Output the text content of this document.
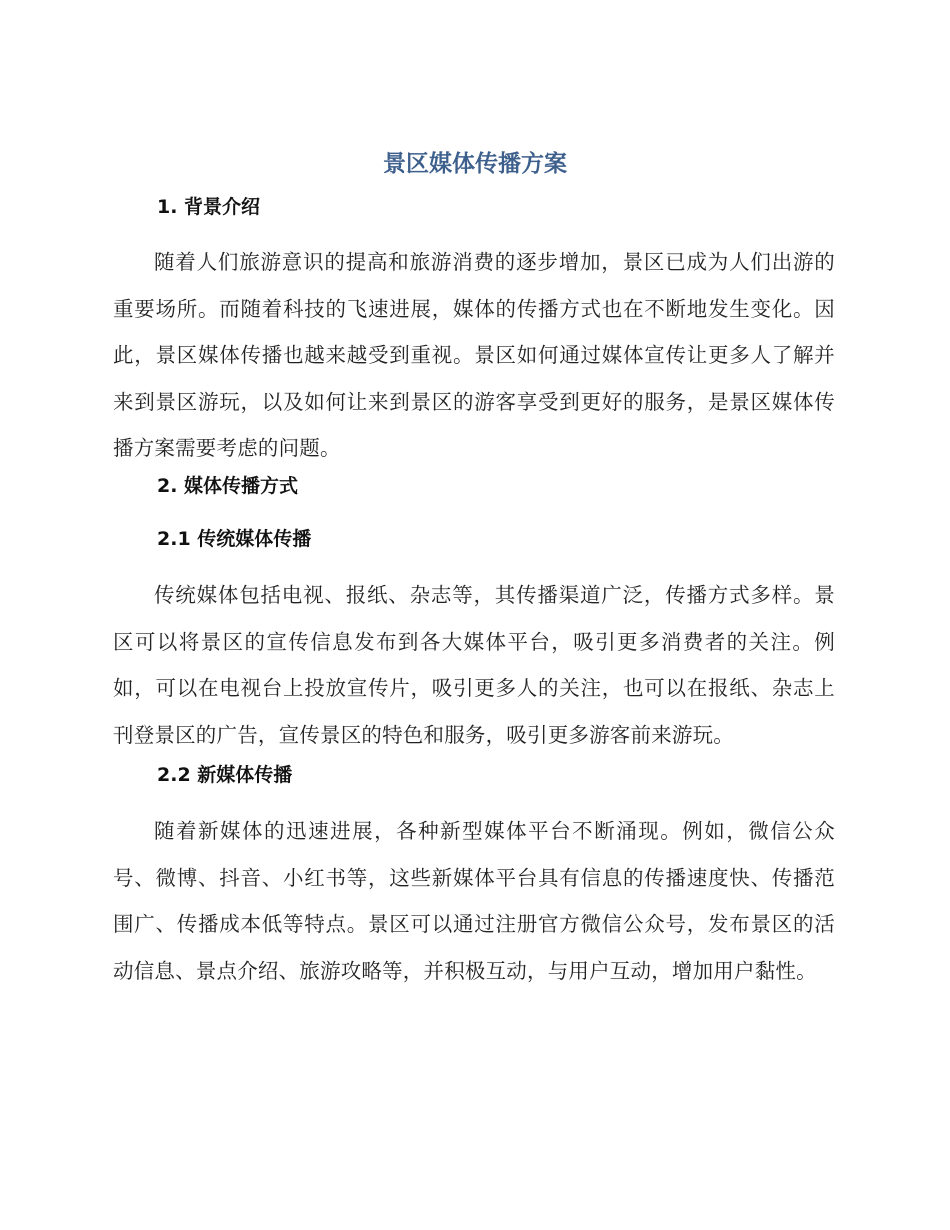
景区媒体传播方案
1. 背景介绍

随着人们旅游意识的提高和旅游消费的逐步增加，景区已成为人们出游的重要场所。而随着科技的飞速进展，媒体的传播方式也在不断地发生变化。因此，景区媒体传播也越来越受到重视。景区如何通过媒体宣传让更多人了解并来到景区游玩，以及如何让来到景区的游客享受到更好的服务，是景区媒体传播方案需要考虑的问题。

2. 媒体传播方式
2.1 传统媒体传播

传统媒体包括电视、报纸、杂志等，其传播渠道广泛，传播方式多样。景区可以将景区的宣传信息发布到各大媒体平台，吸引更多消费者的关注。例如，可以在电视台上投放宣传片，吸引更多人的关注，也可以在报纸、杂志上刊登景区的广告，宣传景区的特色和服务，吸引更多游客前来游玩。

2.2 新媒体传播

随着新媒体的迅速进展，各种新型媒体平台不断涌现。例如，微信公众号、微博、抖音、小红书等，这些新媒体平台具有信息的传播速度快、传播范围广、传播成本低等特点。景区可以通过注册官方微信公众号，发布景区的活动信息、景点介绍、旅游攻略等，并积极互动，与用户互动，增加用户黏性。
